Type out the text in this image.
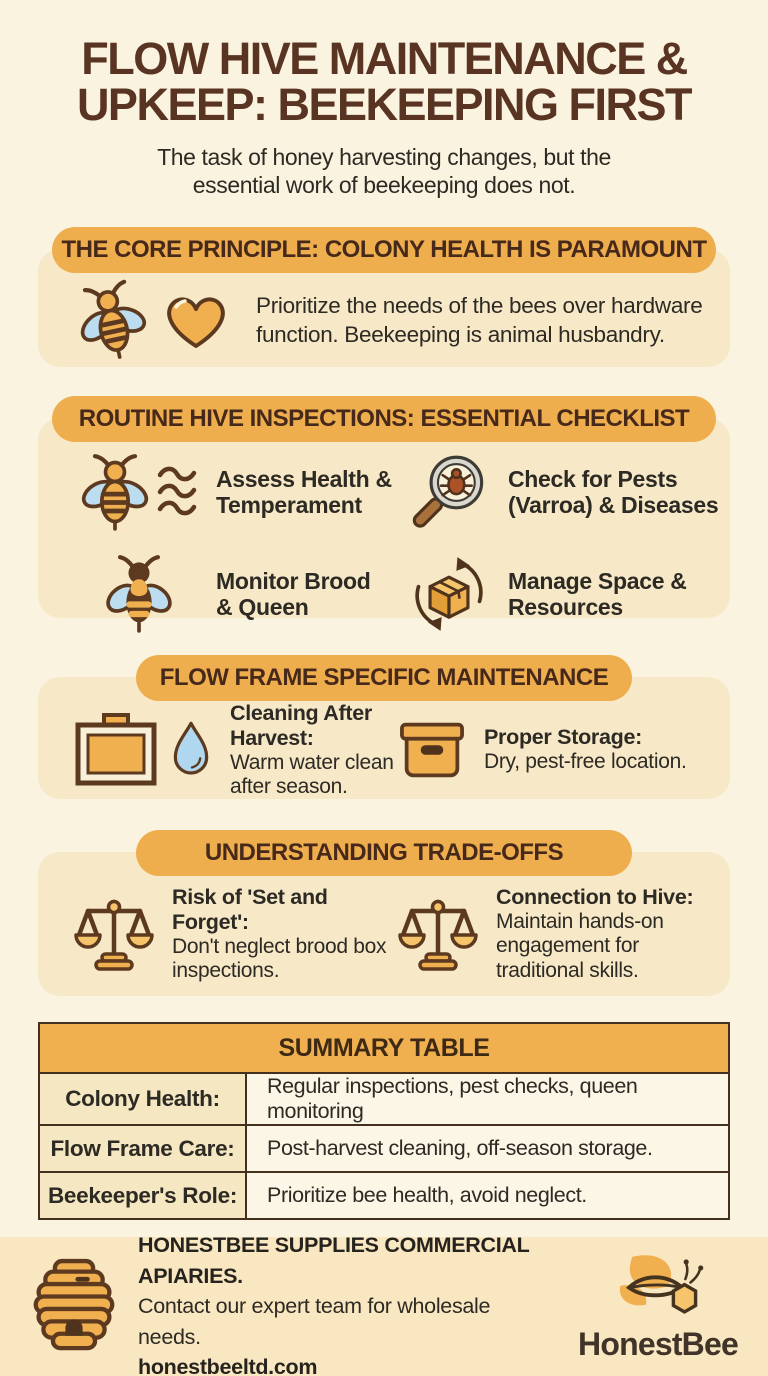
FLOW HIVE MAINTENANCE &
UPKEEP: BEEKEEPING FIRST

The task of honey harvesting changes, but the essential work of beekeeping does not.

THE CORE PRINCIPLE: COLONY HEALTH IS PARAMOUNT

Prioritize the needs of the bees over hardware function. Beekeeping is animal husbandry.

ROUTINE HIVE INSPECTIONS: ESSENTIAL CHECKLIST
Assess Health & Temperament
Check for Pests (Varroa) & Diseases
Monitor Brood & Queen
Manage Space & Resources
FLOW FRAME SPECIFIC MAINTENANCE
Cleaning After Harvest:
Warm water clean after season.
Proper Storage:
Dry, pest-free location.
UNDERSTANDING TRADE-OFFS
Risk of 'Set and Forget':
Don't neglect brood box inspections.
Connection to Hive:
Maintain hands-on engagement for traditional skills.
SUMMARY TABLE	
Colony Health:	Regular inspections, pest checks, queen monitoring
Flow Frame Care:	Post-harvest cleaning, off-season storage.
Beekeeper's Role:	Prioritize bee health, avoid neglect.
HONESTBEE SUPPLIES COMMERCIAL APIARIES.
Contact our expert team for wholesale needs.
honestbeeltd.com
HonestBee
